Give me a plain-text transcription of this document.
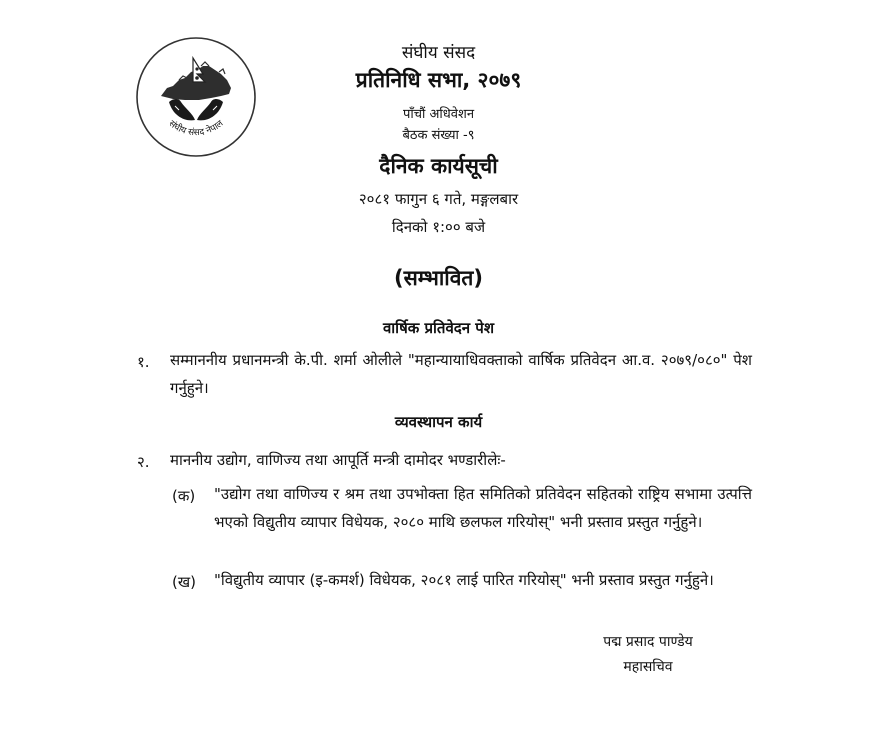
संघीय संसद नेपाल
संघीय संसद
प्रतिनिधि सभा, २०७९
पाँचौं अधिवेशन
बैठक संख्या -९
दैनिक कार्यसूची
२०८१ फागुन ६ गते, मङ्गलबार
दिनको १:०० बजे
(सम्भावित)
वार्षिक प्रतिवेदन पेश
१. सम्माननीय प्रधानमन्त्री के.पी. शर्मा ओलीले "महान्यायाधिवक्ताको वार्षिक प्रतिवेदन आ.व. २०७९/०८०" पेश गर्नुहुने।
व्यवस्थापन कार्य
२. माननीय उद्योग, वाणिज्य तथा आपूर्ति मन्त्री दामोदर भण्डारीलेः-
(क) "उद्योग तथा वाणिज्य र श्रम तथा उपभोक्ता हित समितिको प्रतिवेदन सहितको राष्ट्रिय सभामा उत्पत्ति भएको विद्युतीय व्यापार विधेयक, २०८० माथि छलफल गरियोस्" भनी प्रस्ताव प्रस्तुत गर्नुहुने।
(ख) "विद्युतीय व्यापार (इ-कमर्श) विधेयक, २०८१ लाई पारित गरियोस्" भनी प्रस्ताव प्रस्तुत गर्नुहुने।
पद्म प्रसाद पाण्डेय
महासचिव
